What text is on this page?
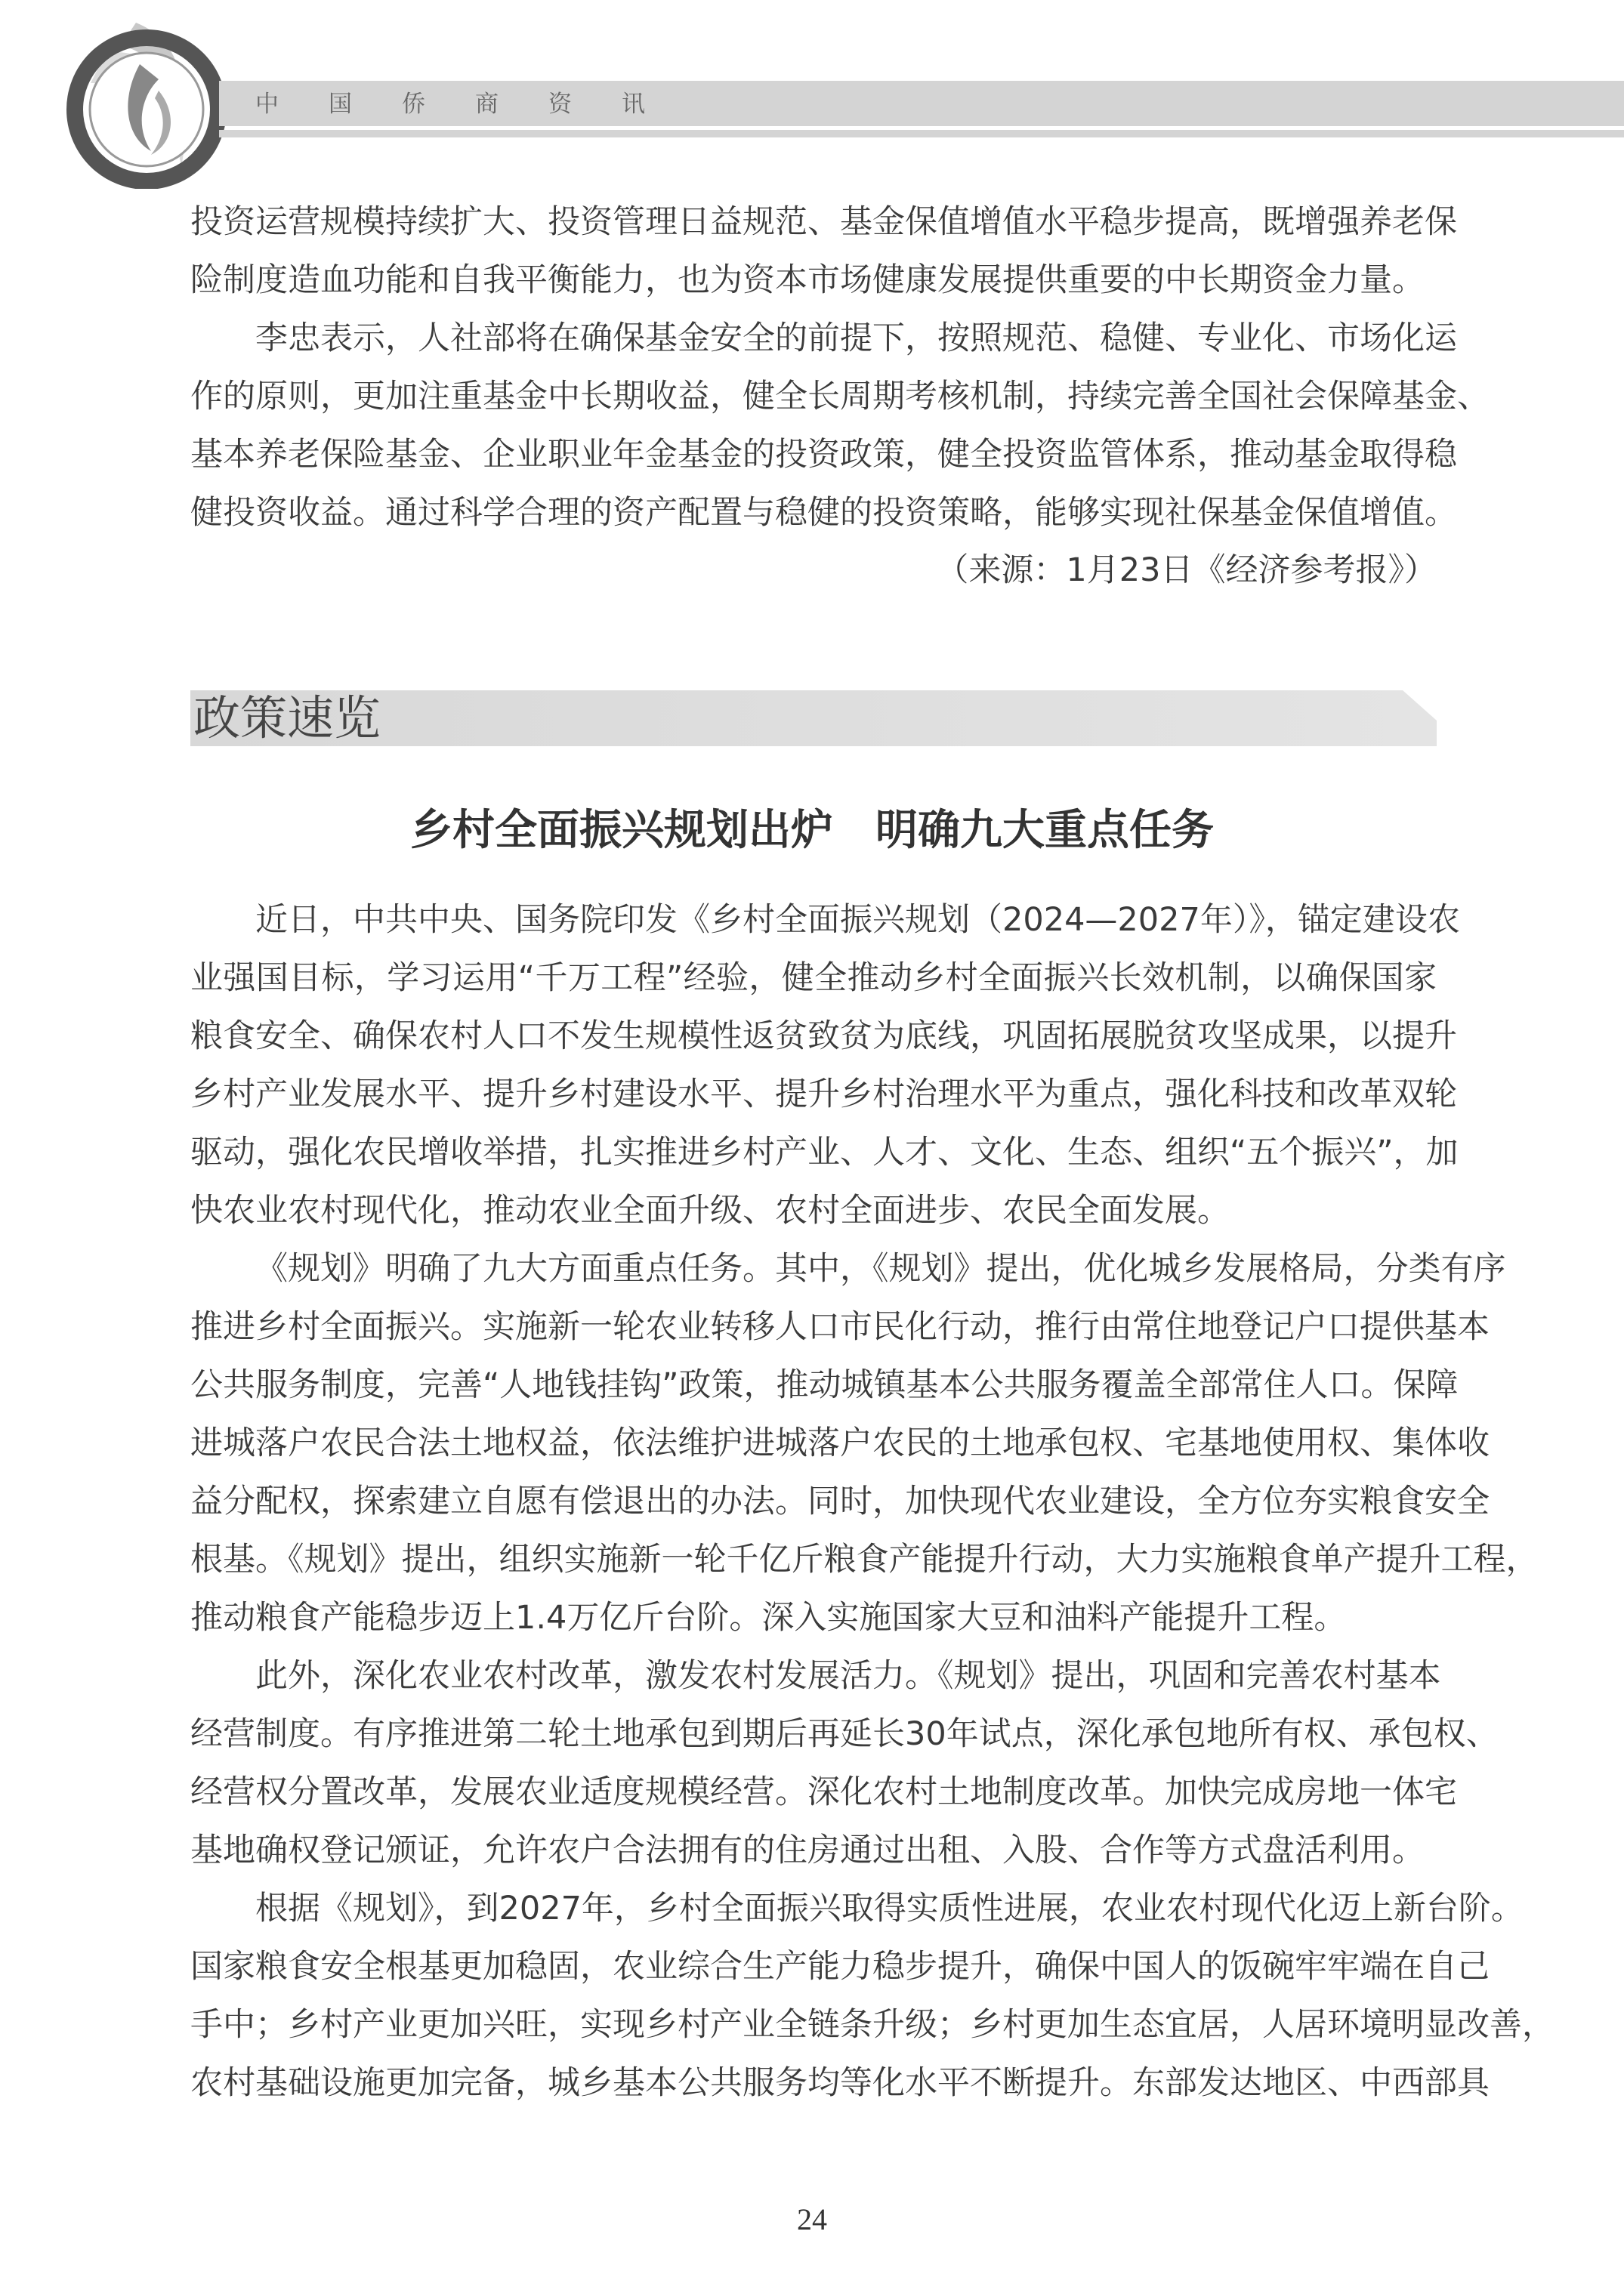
中国侨商资讯
投资运营规模持续扩大、投资管理日益规范、基金保值增值水平稳步提高，既增强养老保
险制度造血功能和自我平衡能力，也为资本市场健康发展提供重要的中长期资金力量。
李忠表示，人社部将在确保基金安全的前提下，按照规范、稳健、专业化、市场化运
作的原则，更加注重基金中长期收益，健全长周期考核机制，持续完善全国社会保障基金、
基本养老保险基金、企业职业年金基金的投资政策，健全投资监管体系，推动基金取得稳
健投资收益。通过科学合理的资产配置与稳健的投资策略，能够实现社保基金保值增值。
（来源：1月23日《经济参考报》）
政策速览
乡村全面振兴规划出炉　明确九大重点任务
近日，中共中央、国务院印发《乡村全面振兴规划（2024—2027年）》，锚定建设农
业强国目标，学习运用“千万工程”经验，健全推动乡村全面振兴长效机制，以确保国家
粮食安全、确保农村人口不发生规模性返贫致贫为底线，巩固拓展脱贫攻坚成果，以提升
乡村产业发展水平、提升乡村建设水平、提升乡村治理水平为重点，强化科技和改革双轮
驱动，强化农民增收举措，扎实推进乡村产业、人才、文化、生态、组织“五个振兴”，加
快农业农村现代化，推动农业全面升级、农村全面进步、农民全面发展。
《规划》明确了九大方面重点任务。其中，《规划》提出，优化城乡发展格局，分类有序
推进乡村全面振兴。实施新一轮农业转移人口市民化行动，推行由常住地登记户口提供基本
公共服务制度，完善“人地钱挂钩”政策，推动城镇基本公共服务覆盖全部常住人口。保障
进城落户农民合法土地权益，依法维护进城落户农民的土地承包权、宅基地使用权、集体收
益分配权，探索建立自愿有偿退出的办法。同时，加快现代农业建设，全方位夯实粮食安全
根基。《规划》提出，组织实施新一轮千亿斤粮食产能提升行动，大力实施粮食单产提升工程，
推动粮食产能稳步迈上1.4万亿斤台阶。深入实施国家大豆和油料产能提升工程。
此外，深化农业农村改革，激发农村发展活力。《规划》提出，巩固和完善农村基本
经营制度。有序推进第二轮土地承包到期后再延长30年试点，深化承包地所有权、承包权、
经营权分置改革，发展农业适度规模经营。深化农村土地制度改革。加快完成房地一体宅
基地确权登记颁证，允许农户合法拥有的住房通过出租、入股、合作等方式盘活利用。
根据《规划》，到2027年，乡村全面振兴取得实质性进展，农业农村现代化迈上新台阶。
国家粮食安全根基更加稳固，农业综合生产能力稳步提升，确保中国人的饭碗牢牢端在自己
手中；乡村产业更加兴旺，实现乡村产业全链条升级；乡村更加生态宜居，人居环境明显改善，
农村基础设施更加完备，城乡基本公共服务均等化水平不断提升。东部发达地区、中西部具
24
